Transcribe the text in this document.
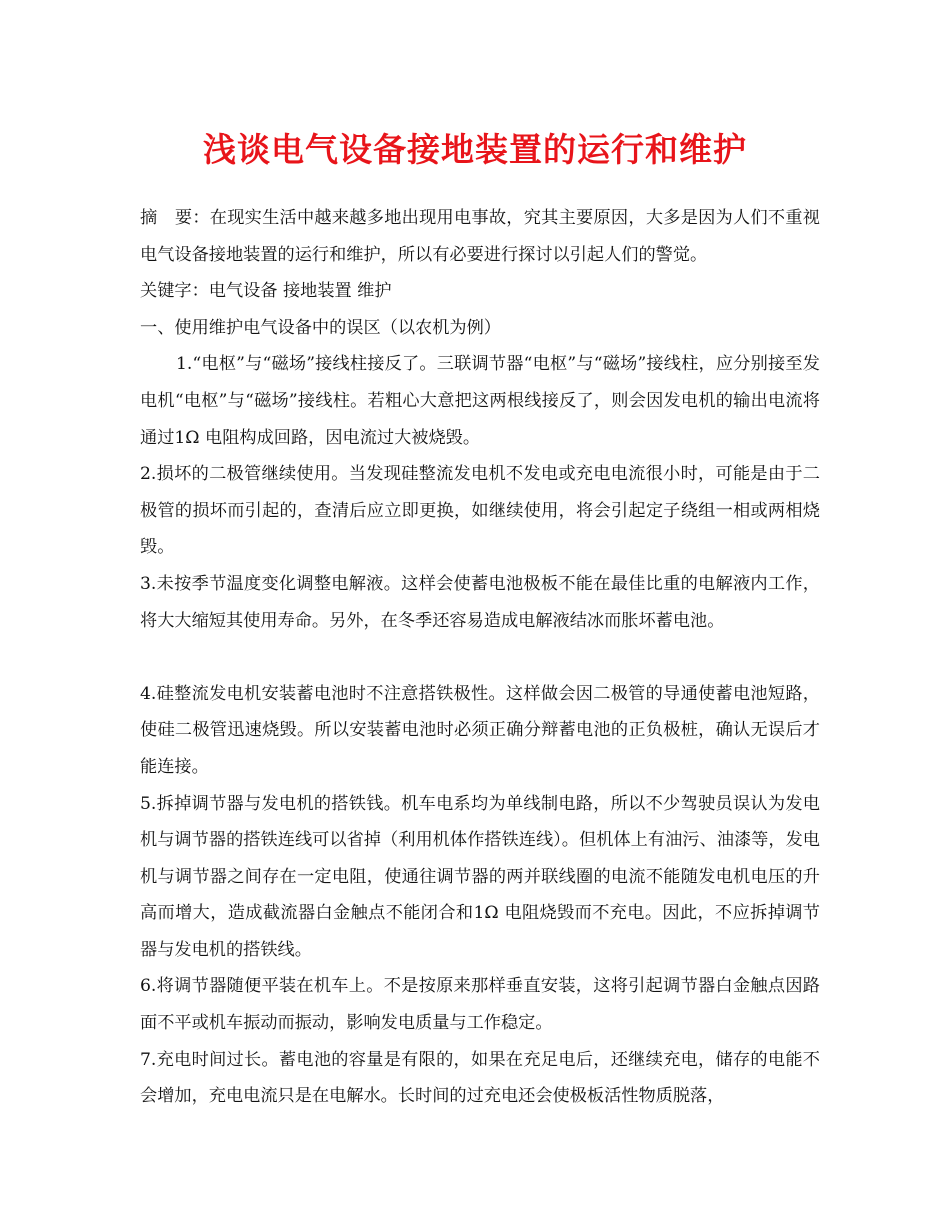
浅谈电气设备接地装置的运行和维护

摘　要：在现实生活中越来越多地出现用电事故，究其主要原因，大多是因为人们不重视电气设备接地装置的运行和维护，所以有必要进行探讨以引起人们的警觉。

关键字：电气设备 接地装置 维护

一、使用维护电气设备中的误区（以农机为例）

1.“电枢”与“磁场”接线柱接反了。三联调节器“电枢”与“磁场”接线柱，应分别接至发电机“电枢”与“磁场”接线柱。若粗心大意把这两根线接反了，则会因发电机的输出电流将通过1Ω 电阻构成回路，因电流过大被烧毁。

2.损坏的二极管继续使用。当发现硅整流发电机不发电或充电电流很小时，可能是由于二极管的损坏而引起的，查清后应立即更换，如继续使用，将会引起定子绕组一相或两相烧毁。

3.未按季节温度变化调整电解液。这样会使蓄电池极板不能在最佳比重的电解液内工作，将大大缩短其使用寿命。另外，在冬季还容易造成电解液结冰而胀坏蓄电池。

4.硅整流发电机安装蓄电池时不注意搭铁极性。这样做会因二极管的导通使蓄电池短路，使硅二极管迅速烧毁。所以安装蓄电池时必须正确分辩蓄电池的正负极桩，确认无误后才能连接。

5.拆掉调节器与发电机的搭铁钱。机车电系均为单线制电路，所以不少驾驶员误认为发电机与调节器的搭铁连线可以省掉（利用机体作搭铁连线）。但机体上有油污、油漆等，发电机与调节器之间存在一定电阻，使通往调节器的两并联线圈的电流不能随发电机电压的升高而增大，造成截流器白金触点不能闭合和1Ω 电阻烧毁而不充电。因此，不应拆掉调节器与发电机的搭铁线。

6.将调节器随便平装在机车上。不是按原来那样垂直安装，这将引起调节器白金触点因路面不平或机车振动而振动，影响发电质量与工作稳定。

7.充电时间过长。蓄电池的容量是有限的，如果在充足电后，还继续充电，储存的电能不会增加，充电电流只是在电解水。长时间的过充电还会使极板活性物质脱落，
